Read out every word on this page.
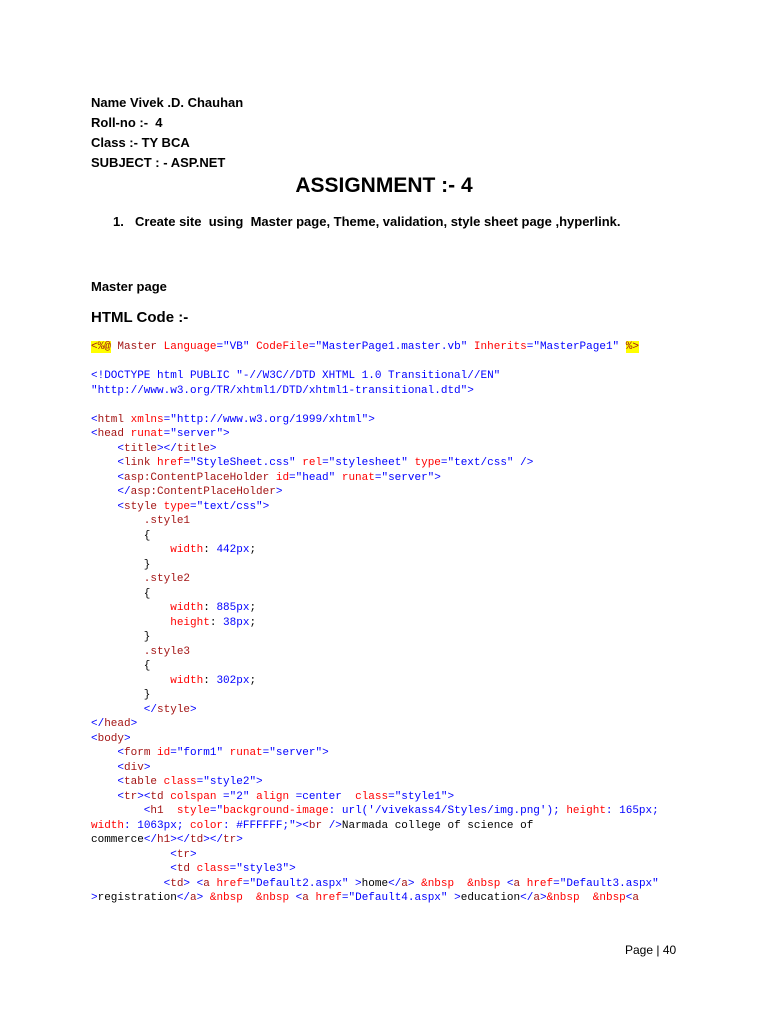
Name Vivek .D. Chauhan
Roll-no :-  4
Class :- TY BCA
SUBJECT : - ASP.NET
ASSIGNMENT :- 4
1. Create site  using  Master page, Theme, validation, style sheet page ,hyperlink.
Master page
HTML Code :-
<%@ Master Language="VB" CodeFile="MasterPage1.master.vb" Inherits="MasterPage1" %>
<!DOCTYPE html PUBLIC "-//W3C//DTD XHTML 1.0 Transitional//EN"
"http://www.w3.org/TR/xhtml1/DTD/xhtml1-transitional.dtd">
<html xmlns="http://www.w3.org/1999/xhtml">
<head runat="server">
<title></title>
<link href="StyleSheet.css" rel="stylesheet" type="text/css" />
<asp:ContentPlaceHolder id="head" runat="server">
</asp:ContentPlaceHolder>
<style type="text/css">
.style1
{
width: 442px;
}
.style2
{
width: 885px;
height: 38px;
}
.style3
{
width: 302px;
}
</style>
</head>
<body>
<form id="form1" runat="server">
<div>
<table class="style2">
<tr><td colspan ="2" align =center  class="style1">
<h1  style="background-image: url('/vivekass4/Styles/img.png'); height: 165px;
width: 1063px; color: #FFFFFF;"><br />Narmada college of science of
commerce</h1></td></tr>
<tr>
<td class="style3">
<td> <a href="Default2.aspx" >home</a> &nbsp  &nbsp <a href="Default3.aspx"
>registration</a> &nbsp  &nbsp <a href="Default4.aspx" >education</a>&nbsp  &nbsp<a
Page | 40
